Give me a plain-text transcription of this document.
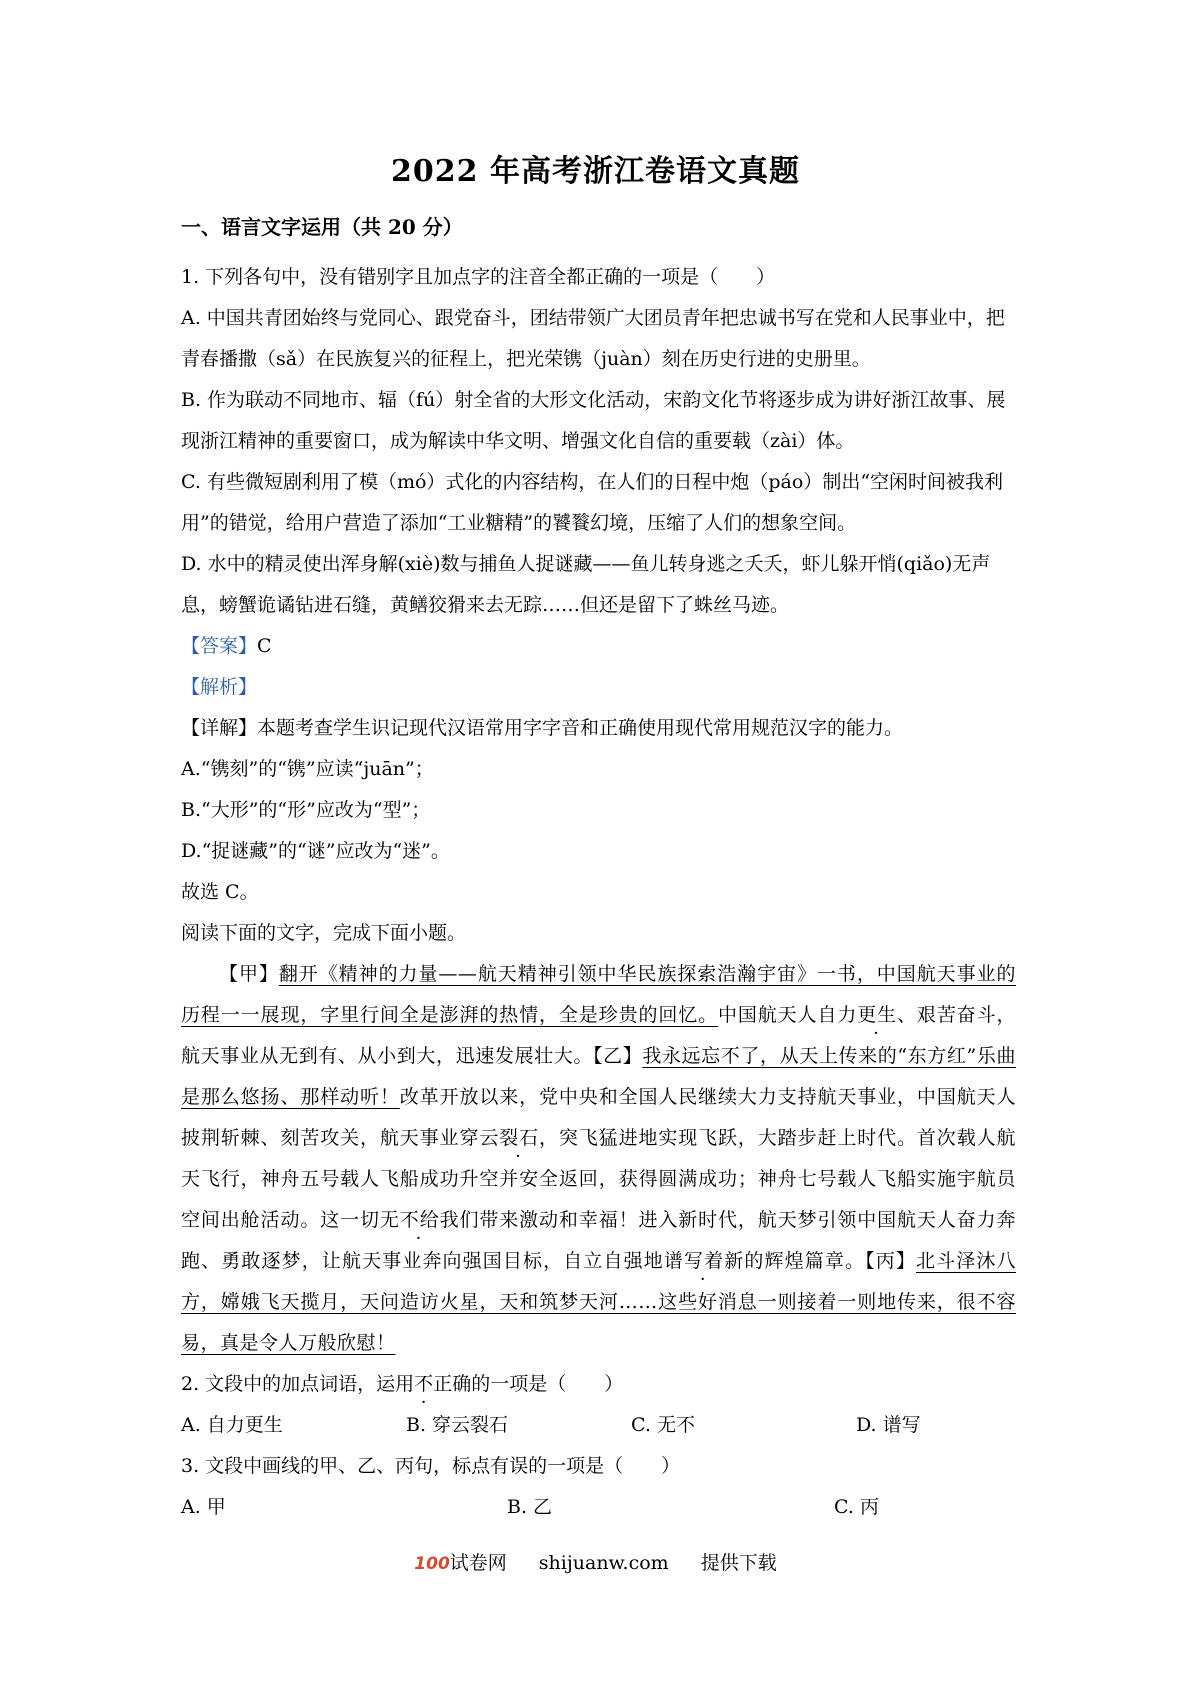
2022 年高考浙江卷语文真题
一、语言文字运用（共 20 分）

1. 下列各句中，没有错别字且加点字的注音全都正确的一项是（　　）

A. 中国共青团始终与党同心、跟党奋斗，团结带领广大团员青年把忠诚书写在党和人民事业中，把青春播撒（sǎ）在民族复兴的征程上，把光荣镌（juàn）刻在历史行进的史册里。

B. 作为联动不同地市、辐（fú）射全省的大形文化活动，宋韵文化节将逐步成为讲好浙江故事、展现浙江精神的重要窗口，成为解读中华文明、增强文化自信的重要载（zài）体。

C. 有些微短剧利用了模（mó）式化的内容结构，在人们的日程中炮（páo）制出“空闲时间被我利用”的错觉，给用户营造了添加“工业糖精”的饕餮幻境，压缩了人们的想象空间。

D. 水中的精灵使出浑身解(xiè)数与捕鱼人捉谜藏——鱼儿转身逃之夭夭，虾儿躲开悄(qiǎo)无声息，螃蟹诡谲钻进石缝，黄鳝狡猾来去无踪……但还是留下了蛛丝马迹。

【答案】C

【解析】

【详解】本题考查学生识记现代汉语常用字字音和正确使用现代常用规范汉字的能力。

A.“镌刻”的“镌”应读“juān”；

B.“大形”的“形”应改为“型”；

D.“捉谜藏”的“谜”应改为“迷”。

故选 C。

阅读下面的文字，完成下面小题。

【甲】翻开《精神的力量——航天精神引领中华民族探索浩瀚宇宙》一书，中国航天事业的历程一一展现，字里行间全是澎湃的热情，全是珍贵的回忆。中国航天人自力更生、艰苦奋斗，航天事业从无到有、从小到大，迅速发展壮大。【乙】我永远忘不了，从天上传来的“东方红”乐曲是那么悠扬、那样动听！改革开放以来，党中央和全国人民继续大力支持航天事业，中国航天人披荆斩棘、刻苦攻关，航天事业穿云裂石，突飞猛进地实现飞跃，大踏步赶上时代。首次载人航天飞行，神舟五号载人飞船成功升空并安全返回，获得圆满成功；神舟七号载人飞船实施宇航员空间出舱活动。这一切无不给我们带来激动和幸福！进入新时代，航天梦引领中国航天人奋力奔跑、勇敢逐梦，让航天事业奔向强国目标，自立自强地谱写着新的辉煌篇章。【丙】北斗泽沐八方，嫦娥飞天揽月，天问造访火星，天和筑梦天河……这些好消息一则接着一则地传来，很不容易，真是令人万般欣慰！

2. 文段中的加点词语，运用不正确的一项是（　　）

A. 自力更生	B. 穿云裂石	C. 无不	D. 谱写

3. 文段中画线的甲、乙、丙句，标点有误的一项是（　　）

A. 甲	B. 乙	C. 丙
100试卷网 shijuanw.com 提供下载
